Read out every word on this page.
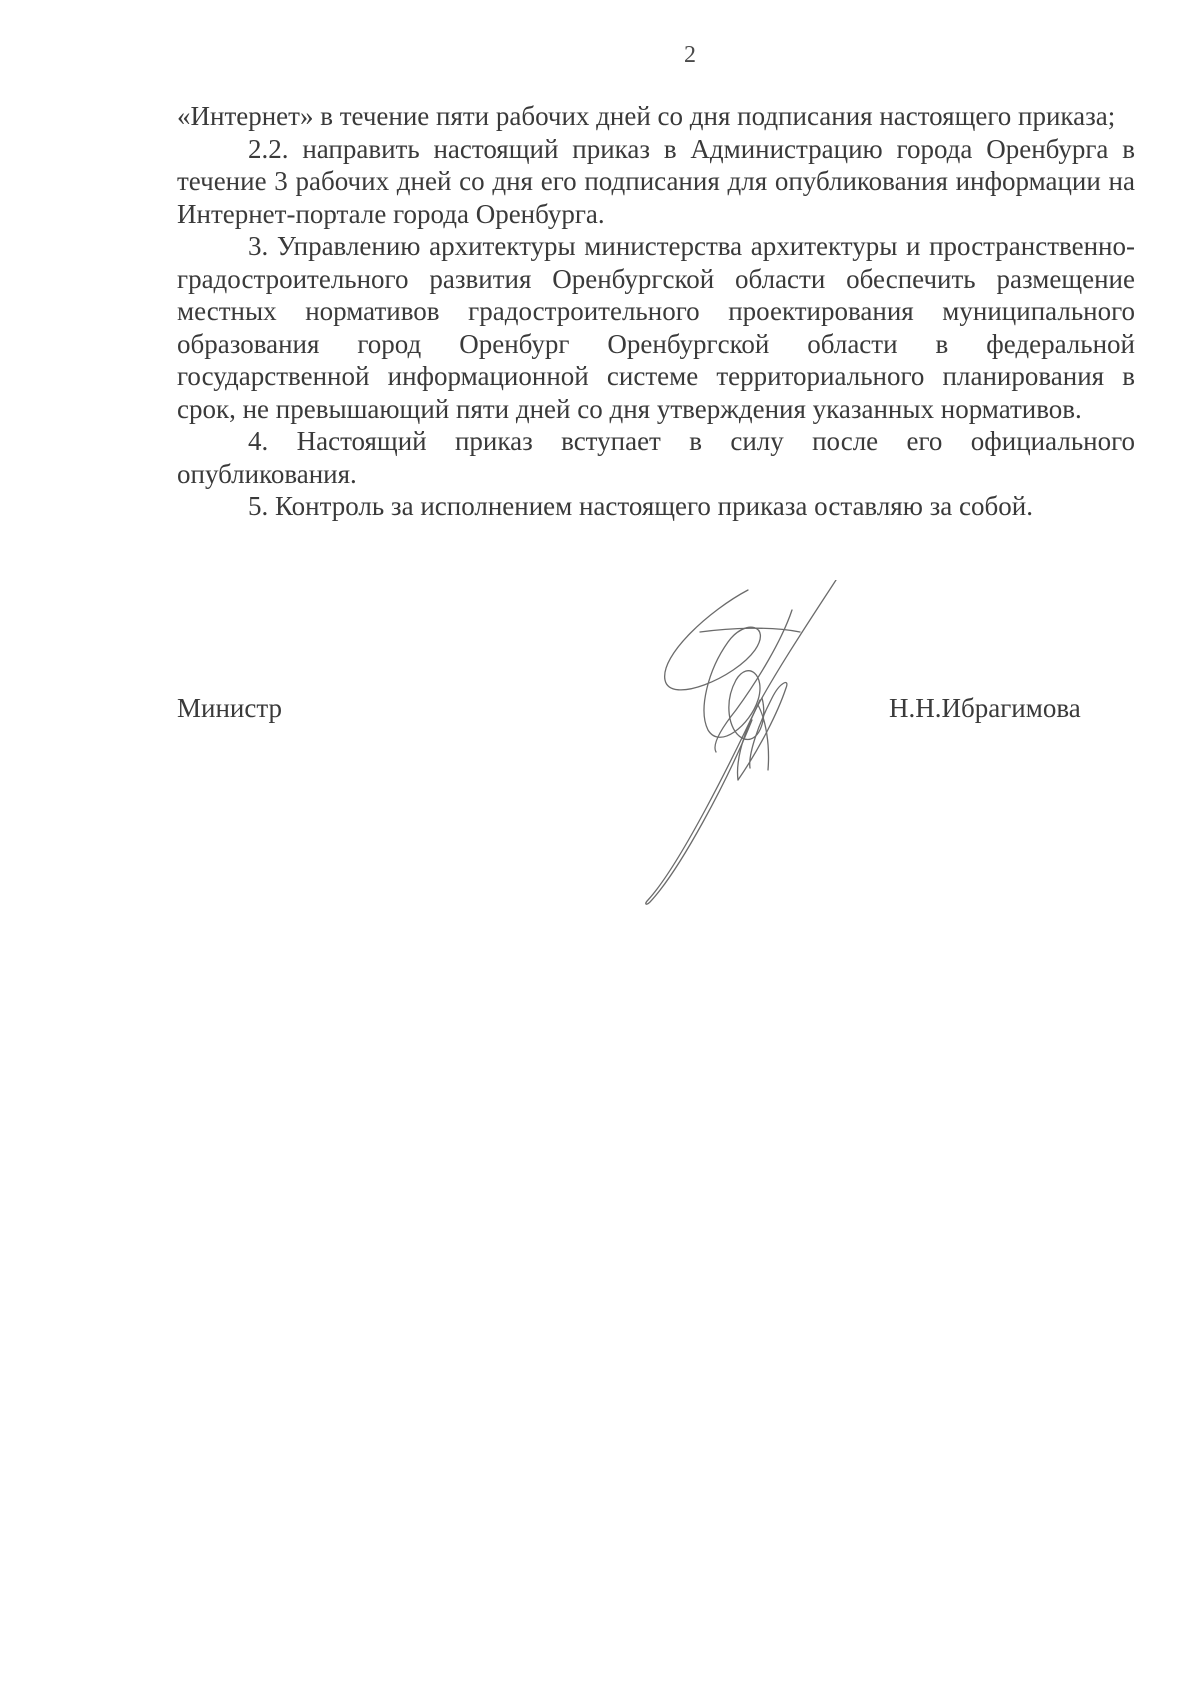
2

«Интернет» в течение пяти рабочих дней со дня подписания настоящего приказа;

2.2. направить настоящий приказ в Администрацию города Оренбурга в течение 3 рабочих дней со дня его подписания для опубликования информации на Интернет-портале города Оренбурга.

3. Управлению архитектуры министерства архитектуры и пространственно-градостроительного развития Оренбургской области обеспечить размещение местных нормативов градостроительного проектирования муниципального образования город Оренбург Оренбургской области в федеральной государственной информационной системе территориального планирования в срок, не превышающий пяти дней со дня утверждения указанных нормативов.

4. Настоящий приказ вступает в силу после его официального опубликования.

5. Контроль за исполнением настоящего приказа оставляю за собой.

Министр	Н.Н.Ибрагимова
